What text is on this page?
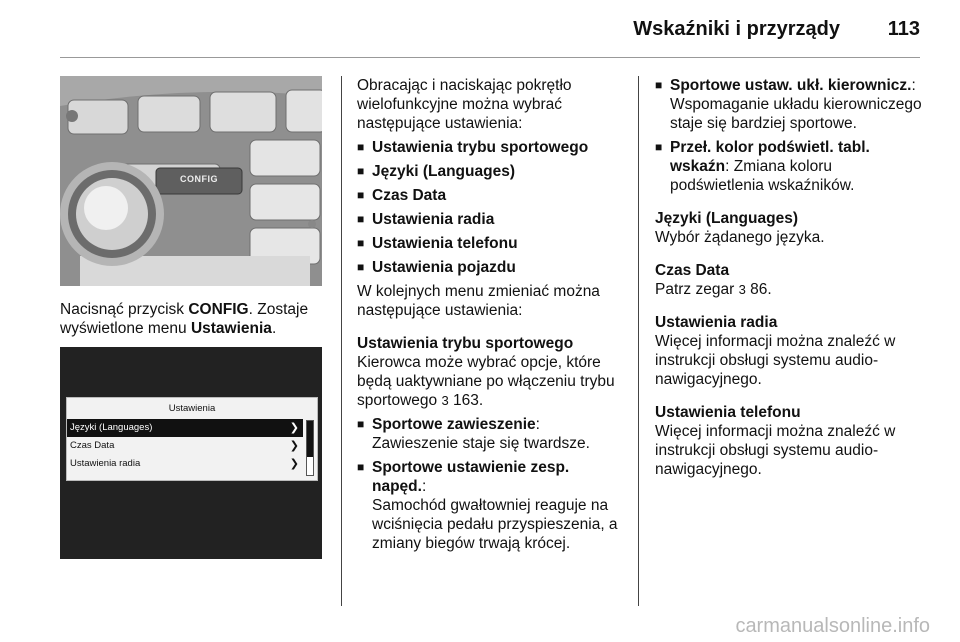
Wskaźniki i przyrządy 113
CONFIG
Nacisnąć przycisk CONFIG. Zostaje wyświetlone menu Ustawienia.
Ustawienia
Języki (Languages)	❯
Czas Data	❯
Ustawienia radia	❯

Obracając i naciskając pokrętło wielofunkcyjne można wybrać następujące ustawienia:

■ Ustawienia trybu sportowego
■ Języki (Languages)
■ Czas Data
■ Ustawienia radia
■ Ustawienia telefonu
■ Ustawienia pojazdu

W kolejnych menu zmieniać można następujące ustawienia:

Ustawienia trybu sportowego
Kierowca może wybrać opcje, które będą uaktywniane po włączeniu trybu sportowego 3 163.

■ Sportowe zawieszenie:
Zawieszenie staje się twardsze.
■ Sportowe ustawienie zesp. napęd.:
Samochód gwałtowniej reaguje na wciśnięcia pedału przyspieszenia, a zmiany biegów trwają krócej.
■ Sportowe ustaw. ukł. kierownicz.:
Wspomaganie układu kierowniczego staje się bardziej sportowe.
■ Przeł. kolor podświetl. tabl. wskaźn: Zmiana koloru podświetlenia wskaźników.

Języki (Languages)
Wybór żądanego języka.

Czas Data
Patrz zegar 3 86.

Ustawienia radia
Więcej informacji można znaleźć w instrukcji obsługi systemu audio-nawigacyjnego.

Ustawienia telefonu
Więcej informacji można znaleźć w instrukcji obsługi systemu audio-nawigacyjnego.

carmanualsonline.info
